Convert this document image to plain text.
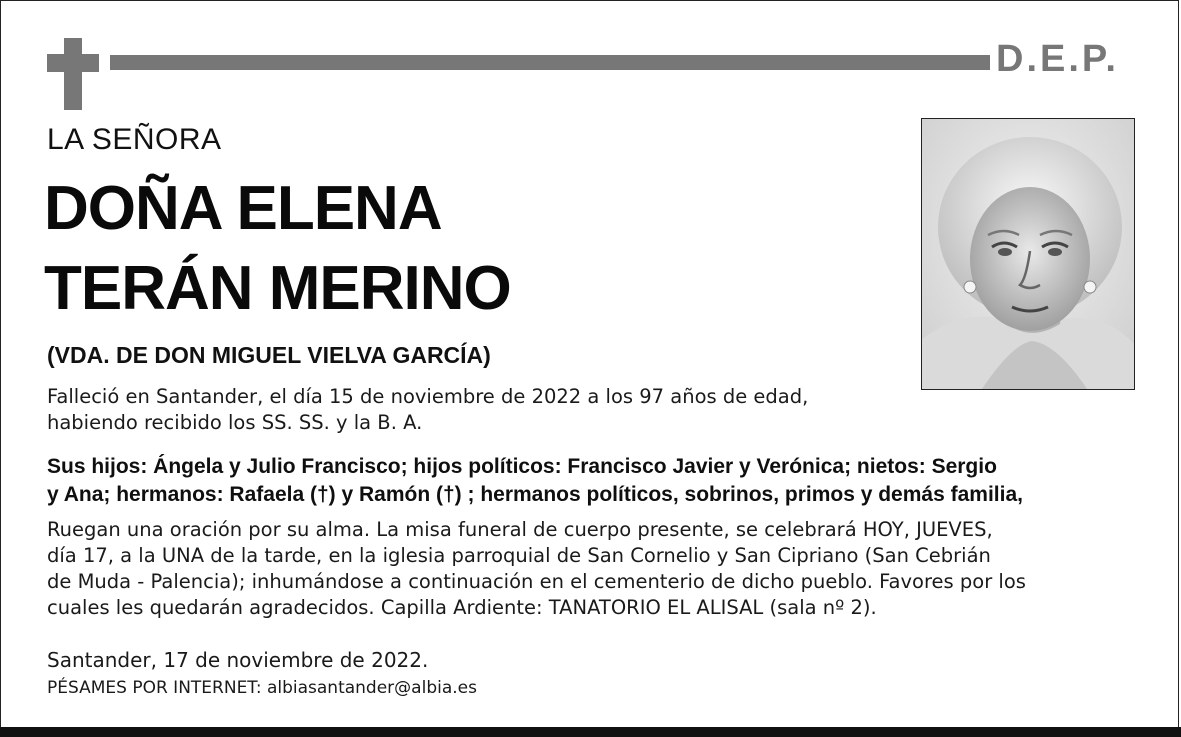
D.E.P.
LA SEÑORA
DOÑA ELENA
TERÁN MERINO
(VDA. DE DON MIGUEL VIELVA GARCÍA)
Falleció en Santander, el día 15 de noviembre de 2022 a los 97 años de edad,
habiendo recibido los SS. SS. y la B. A.
Sus hijos: Ángela y Julio Francisco; hijos políticos: Francisco Javier y Verónica; nietos: Sergio
y Ana; hermanos: Rafaela (†) y Ramón (†) ; hermanos políticos, sobrinos, primos y demás familia,
Ruegan una oración por su alma. La misa funeral de cuerpo presente, se celebrará HOY, JUEVES,
día 17, a la UNA de la tarde, en la iglesia parroquial de San Cornelio y San Cipriano (San Cebrián
de Muda - Palencia); inhumándose a continuación en el cementerio de dicho pueblo. Favores por los
cuales les quedarán agradecidos. Capilla Ardiente: TANATORIO EL ALISAL (sala nº 2).
Santander, 17 de noviembre de 2022.
PÉSAMES POR INTERNET: albiasantander@albia.es
